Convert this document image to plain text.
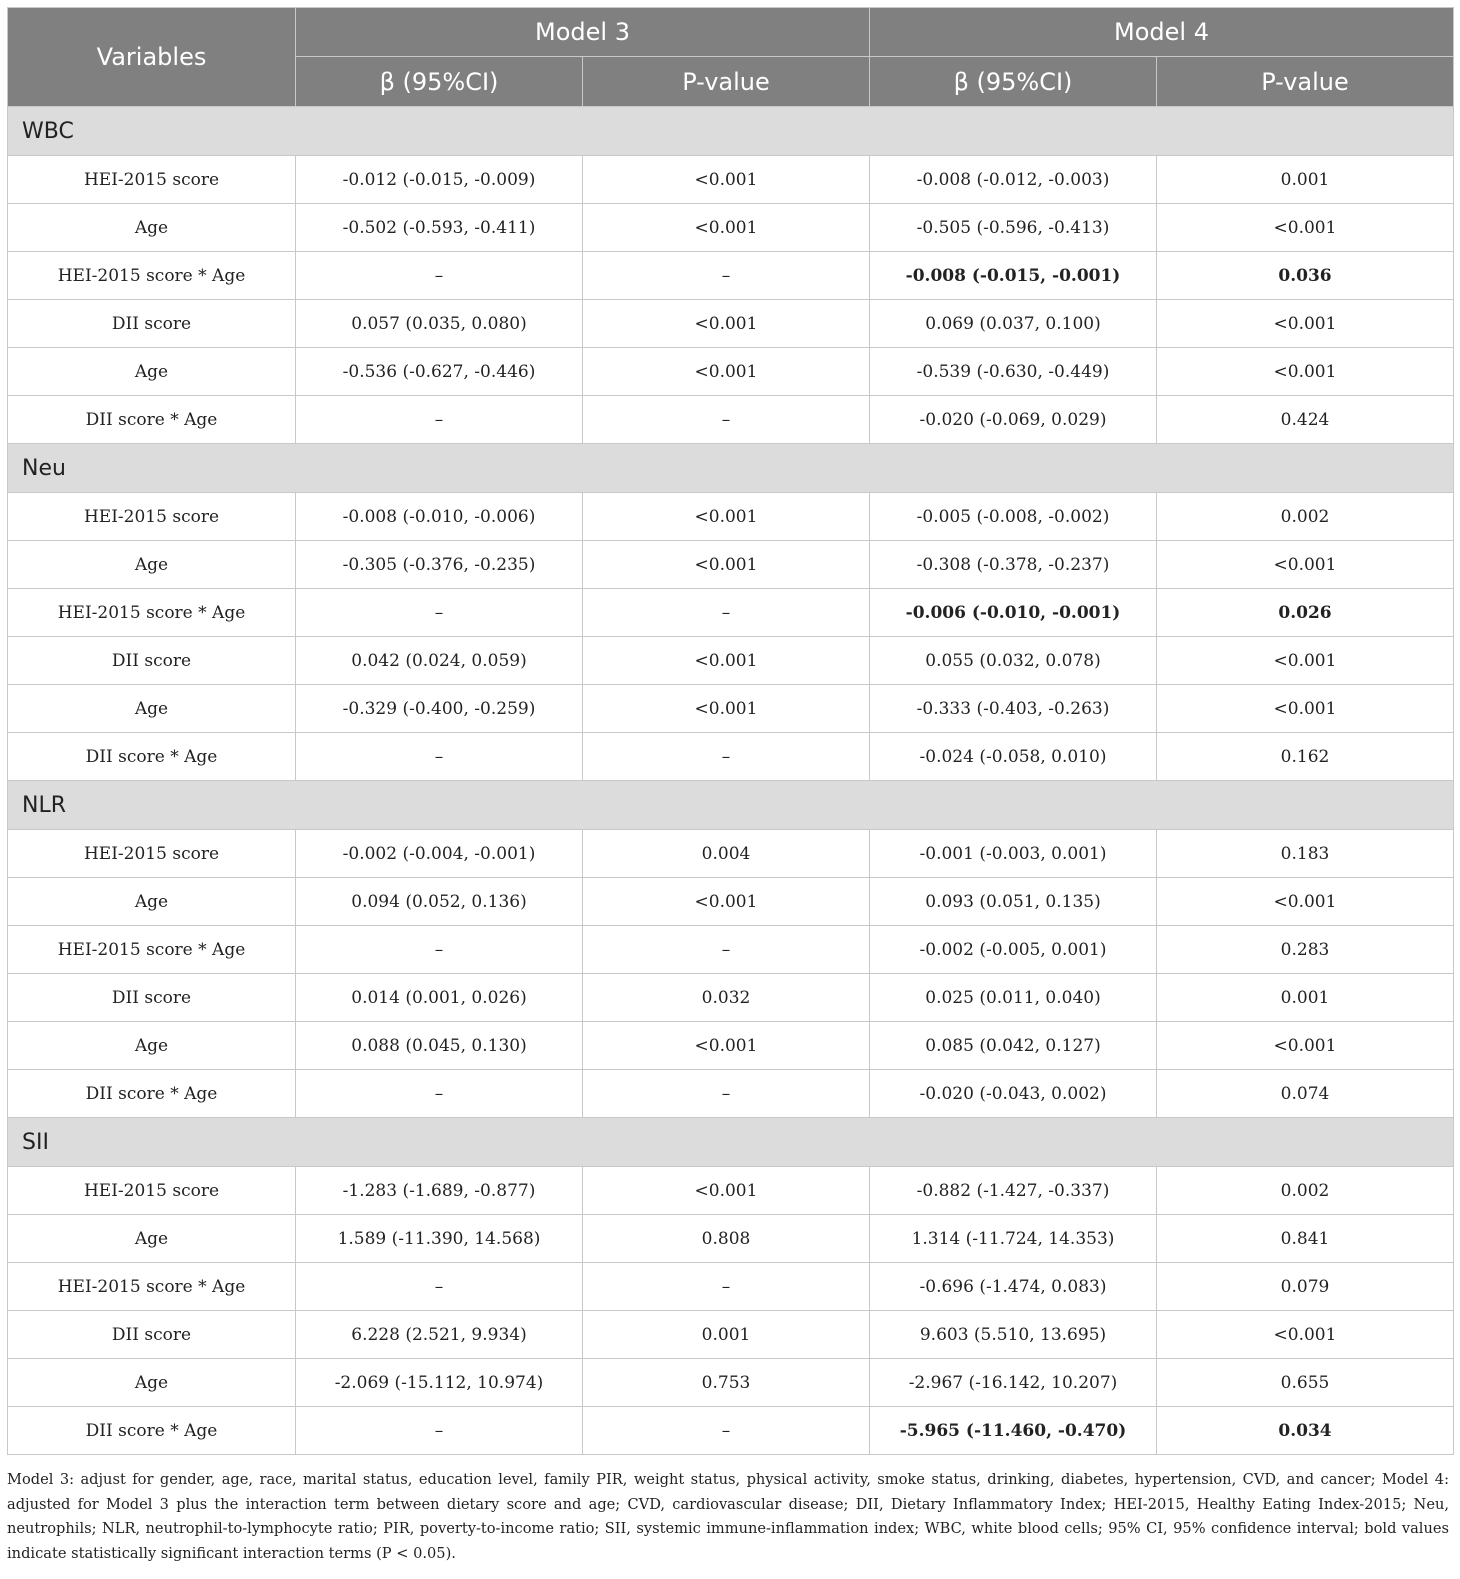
Variables	Model 3		Model 4	
	β (95%CI)	P-value	β (95%CI)	P-value
WBC				
HEI-2015 score	-0.012 (-0.015, -0.009)	<0.001	-0.008 (-0.012, -0.003)	0.001
Age	-0.502 (-0.593, -0.411)	<0.001	-0.505 (-0.596, -0.413)	<0.001
HEI-2015 score * Age	–	–	-0.008 (-0.015, -0.001)	0.036
DII score	0.057 (0.035, 0.080)	<0.001	0.069 (0.037, 0.100)	<0.001
Age	-0.536 (-0.627, -0.446)	<0.001	-0.539 (-0.630, -0.449)	<0.001
DII score * Age	–	–	-0.020 (-0.069, 0.029)	0.424
Neu				
HEI-2015 score	-0.008 (-0.010, -0.006)	<0.001	-0.005 (-0.008, -0.002)	0.002
Age	-0.305 (-0.376, -0.235)	<0.001	-0.308 (-0.378, -0.237)	<0.001
HEI-2015 score * Age	–	–	-0.006 (-0.010, -0.001)	0.026
DII score	0.042 (0.024, 0.059)	<0.001	0.055 (0.032, 0.078)	<0.001
Age	-0.329 (-0.400, -0.259)	<0.001	-0.333 (-0.403, -0.263)	<0.001
DII score * Age	–	–	-0.024 (-0.058, 0.010)	0.162
NLR				
HEI-2015 score	-0.002 (-0.004, -0.001)	0.004	-0.001 (-0.003, 0.001)	0.183
Age	0.094 (0.052, 0.136)	<0.001	0.093 (0.051, 0.135)	<0.001
HEI-2015 score * Age	–	–	-0.002 (-0.005, 0.001)	0.283
DII score	0.014 (0.001, 0.026)	0.032	0.025 (0.011, 0.040)	0.001
Age	0.088 (0.045, 0.130)	<0.001	0.085 (0.042, 0.127)	<0.001
DII score * Age	–	–	-0.020 (-0.043, 0.002)	0.074
SII				
HEI-2015 score	-1.283 (-1.689, -0.877)	<0.001	-0.882 (-1.427, -0.337)	0.002
Age	1.589 (-11.390, 14.568)	0.808	1.314 (-11.724, 14.353)	0.841
HEI-2015 score * Age	–	–	-0.696 (-1.474, 0.083)	0.079
DII score	6.228 (2.521, 9.934)	0.001	9.603 (5.510, 13.695)	<0.001
Age	-2.069 (-15.112, 10.974)	0.753	-2.967 (-16.142, 10.207)	0.655
DII score * Age	–	–	-5.965 (-11.460, -0.470)	0.034
Model 3: adjust for gender, age, race, marital status, education level, family PIR, weight status, physical activity, smoke status, drinking, diabetes, hypertension, CVD, and cancer; Model 4: adjusted for Model 3 plus the interaction term between dietary score and age; CVD, cardiovascular disease; DII, Dietary Inflammatory Index; HEI-2015, Healthy Eating Index-2015; Neu, neutrophils; NLR, neutrophil-to-lymphocyte ratio; PIR, poverty-to-income ratio; SII, systemic immune-inflammation index; WBC, white blood cells; 95% CI, 95% confidence interval; bold values indicate statistically significant interaction terms (P < 0.05).
